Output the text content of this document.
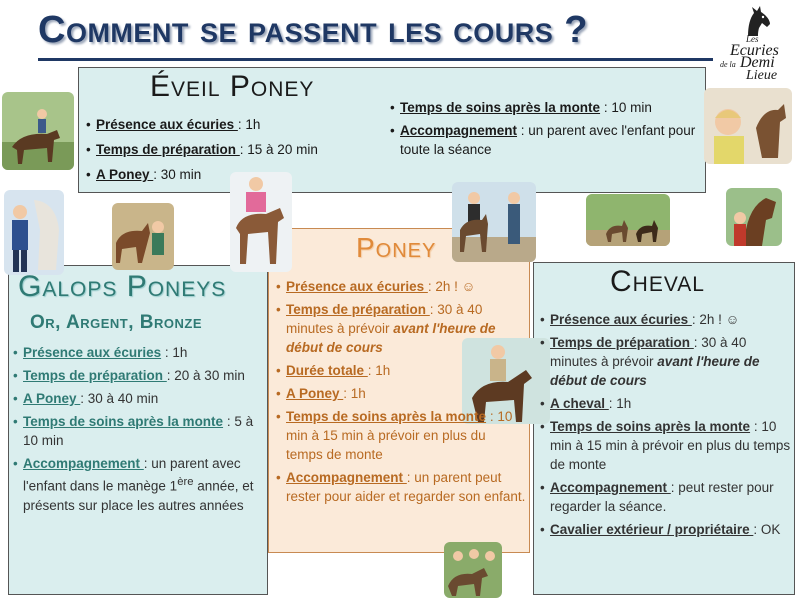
Comment se passent les cours ?	Les
Ecuries
de la Demi
Lieue
Éveil Poney
• Présence aux écuries : 1h
• Temps de préparation : 15 à 20 min
• A Poney : 30 min
• Temps de soins après la monte : 10 min
• Accompagnement : un parent avec l'enfant pour toute la séance
Galops Poneys
Or, Argent, Bronze
• Présence aux écuries : 1h
• Temps de préparation : 20 à 30 min
• A Poney : 30 à 40 min
• Temps de soins après la monte : 5 à 10 min
• Accompagnement : un parent avec l'enfant dans le manège 1ère année, et présents sur place les autres années
Poney
• Présence aux écuries : 2h ! ☺
• Temps de préparation : 30 à 40 minutes à prévoir avant l'heure de début de cours
• Durée totale : 1h
• A Poney : 1h
• Temps de soins après la monte : 10 min à 15 min à prévoir en plus du temps de monte
• Accompagnement : un parent peut rester pour aider et regarder son enfant.
Cheval
• Présence aux écuries : 2h ! ☺
• Temps de préparation : 30 à 40 minutes à prévoir avant l'heure de début de cours
• A cheval : 1h
• Temps de soins après la monte : 10 min à 15 min à prévoir en plus du temps de monte
• Accompagnement : peut rester pour regarder la séance.
• Cavalier extérieur / propriétaire : OK
